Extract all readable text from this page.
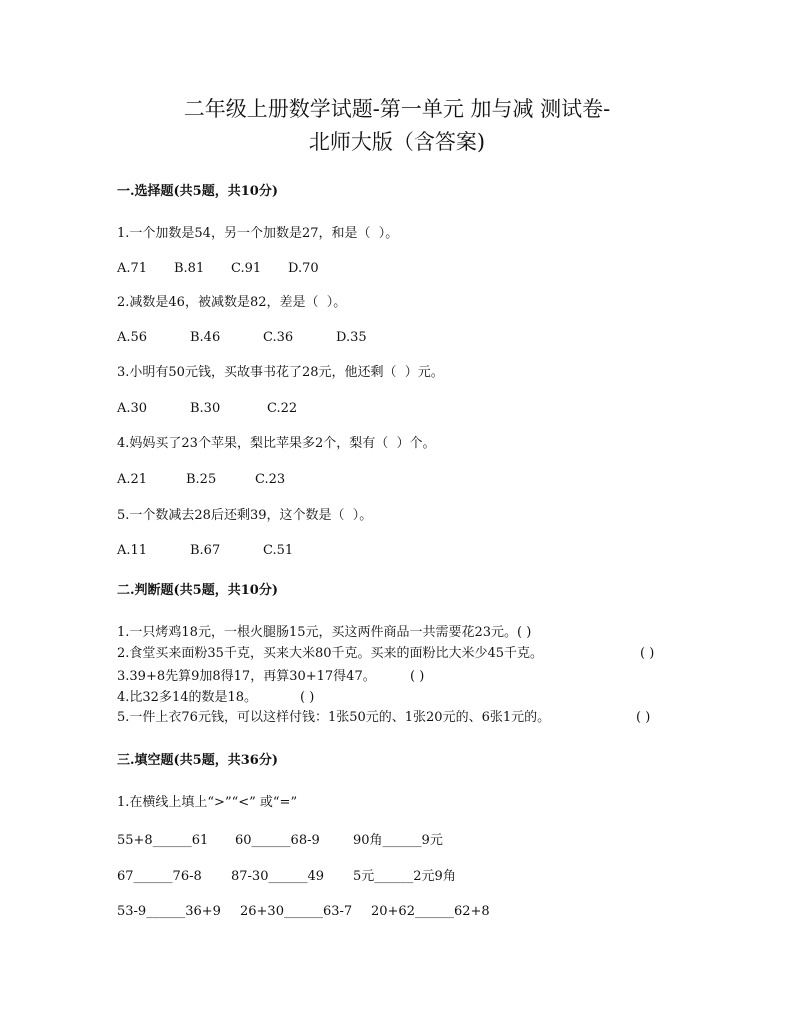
二年级上册数学试题-第一单元 加与减 测试卷-
北师大版（含答案)
一.选择题(共5题，共10分)
1.一个加数是54，另一个加数是27，和是（  ）。
A.71 B.81 C.91 D.70
2.减数是46，被减数是82，差是（  ）。
A.56	B.46	C.36	D.35
3.小明有50元钱，买故事书花了28元，他还剩（  ）元。
A.30	B.30	C.22
4.妈妈买了23个苹果，梨比苹果多2个，梨有（  ）个。
A.21	B.25	C.23
5.一个数减去28后还剩39，这个数是（  ）。
A.11	B.67	C.51
二.判断题(共5题，共10分)
1.一只烤鸡18元，一根火腿肠15元，买这两件商品一共需要花23元。( )
2.食堂买来面粉35千克，买来大米80千克。买来的面粉比大米少45千克。	( )
3.39+8先算9加8得17，再算30+17得47。	( )
4.比32多14的数是18。	( )
5.一件上衣76元钱，可以这样付钱：1张50元的、1张20元的、6张1元的。	( )
三.填空题(共5题，共36分)
1.在横线上填上“>”“<” 或“=”
55+8______61 60______68-9	90角______9元
67______76-8 87-30______49 5元______2元9角
53-9______36+9 26+30______63-7 20+62______62+8
